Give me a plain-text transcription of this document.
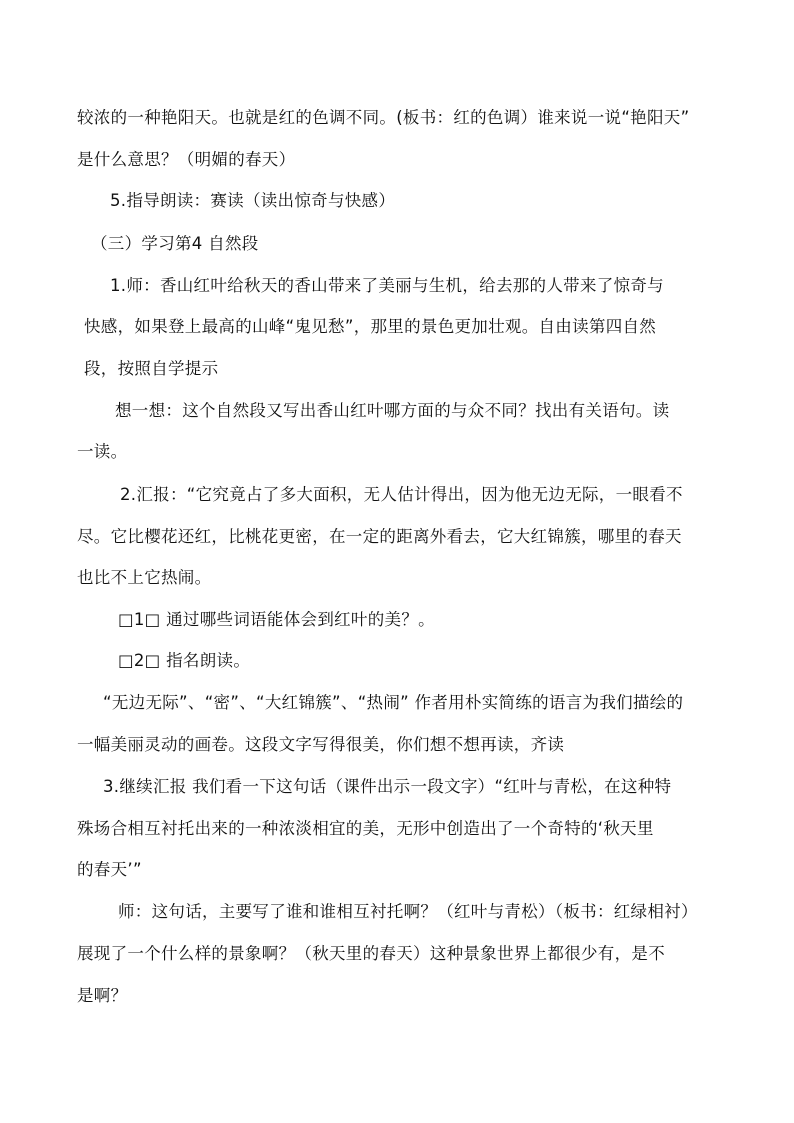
较浓的一种艳阳天。也就是红的色调不同。(板书：红的色调）谁来说一说“艳阳天”
是什么意思？（明媚的春天）
5.指导朗读：赛读（读出惊奇与快感）
（三）学习第4 自然段
1.师：香山红叶给秋天的香山带来了美丽与生机，给去那的人带来了惊奇与
快感，如果登上最高的山峰“鬼见愁”，那里的景色更加壮观。自由读第四自然
段，按照自学提示
想一想：这个自然段又写出香山红叶哪方面的与众不同？找出有关语句。读
一读。
2.汇报：“它究竟占了多大面积，无人估计得出，因为他无边无际，一眼看不
尽。它比樱花还红，比桃花更密，在一定的距离外看去，它大红锦簇，哪里的春天
也比不上它热闹。
□1□ 通过哪些词语能体会到红叶的美？。
□2□ 指名朗读。
“无边无际”、“密”、“大红锦簇”、“热闹” 作者用朴实简练的语言为我们描绘的
一幅美丽灵动的画卷。这段文字写得很美，你们想不想再读，齐读
3.继续汇报 我们看一下这句话（课件出示一段文字）“红叶与青松，在这种特
殊场合相互衬托出来的一种浓淡相宜的美，无形中创造出了一个奇特的‘秋天里
的春天’”
师：这句话，主要写了谁和谁相互衬托啊？（红叶与青松）（板书：红绿相衬）
展现了一个什么样的景象啊？（秋天里的春天）这种景象世界上都很少有，是不
是啊？
